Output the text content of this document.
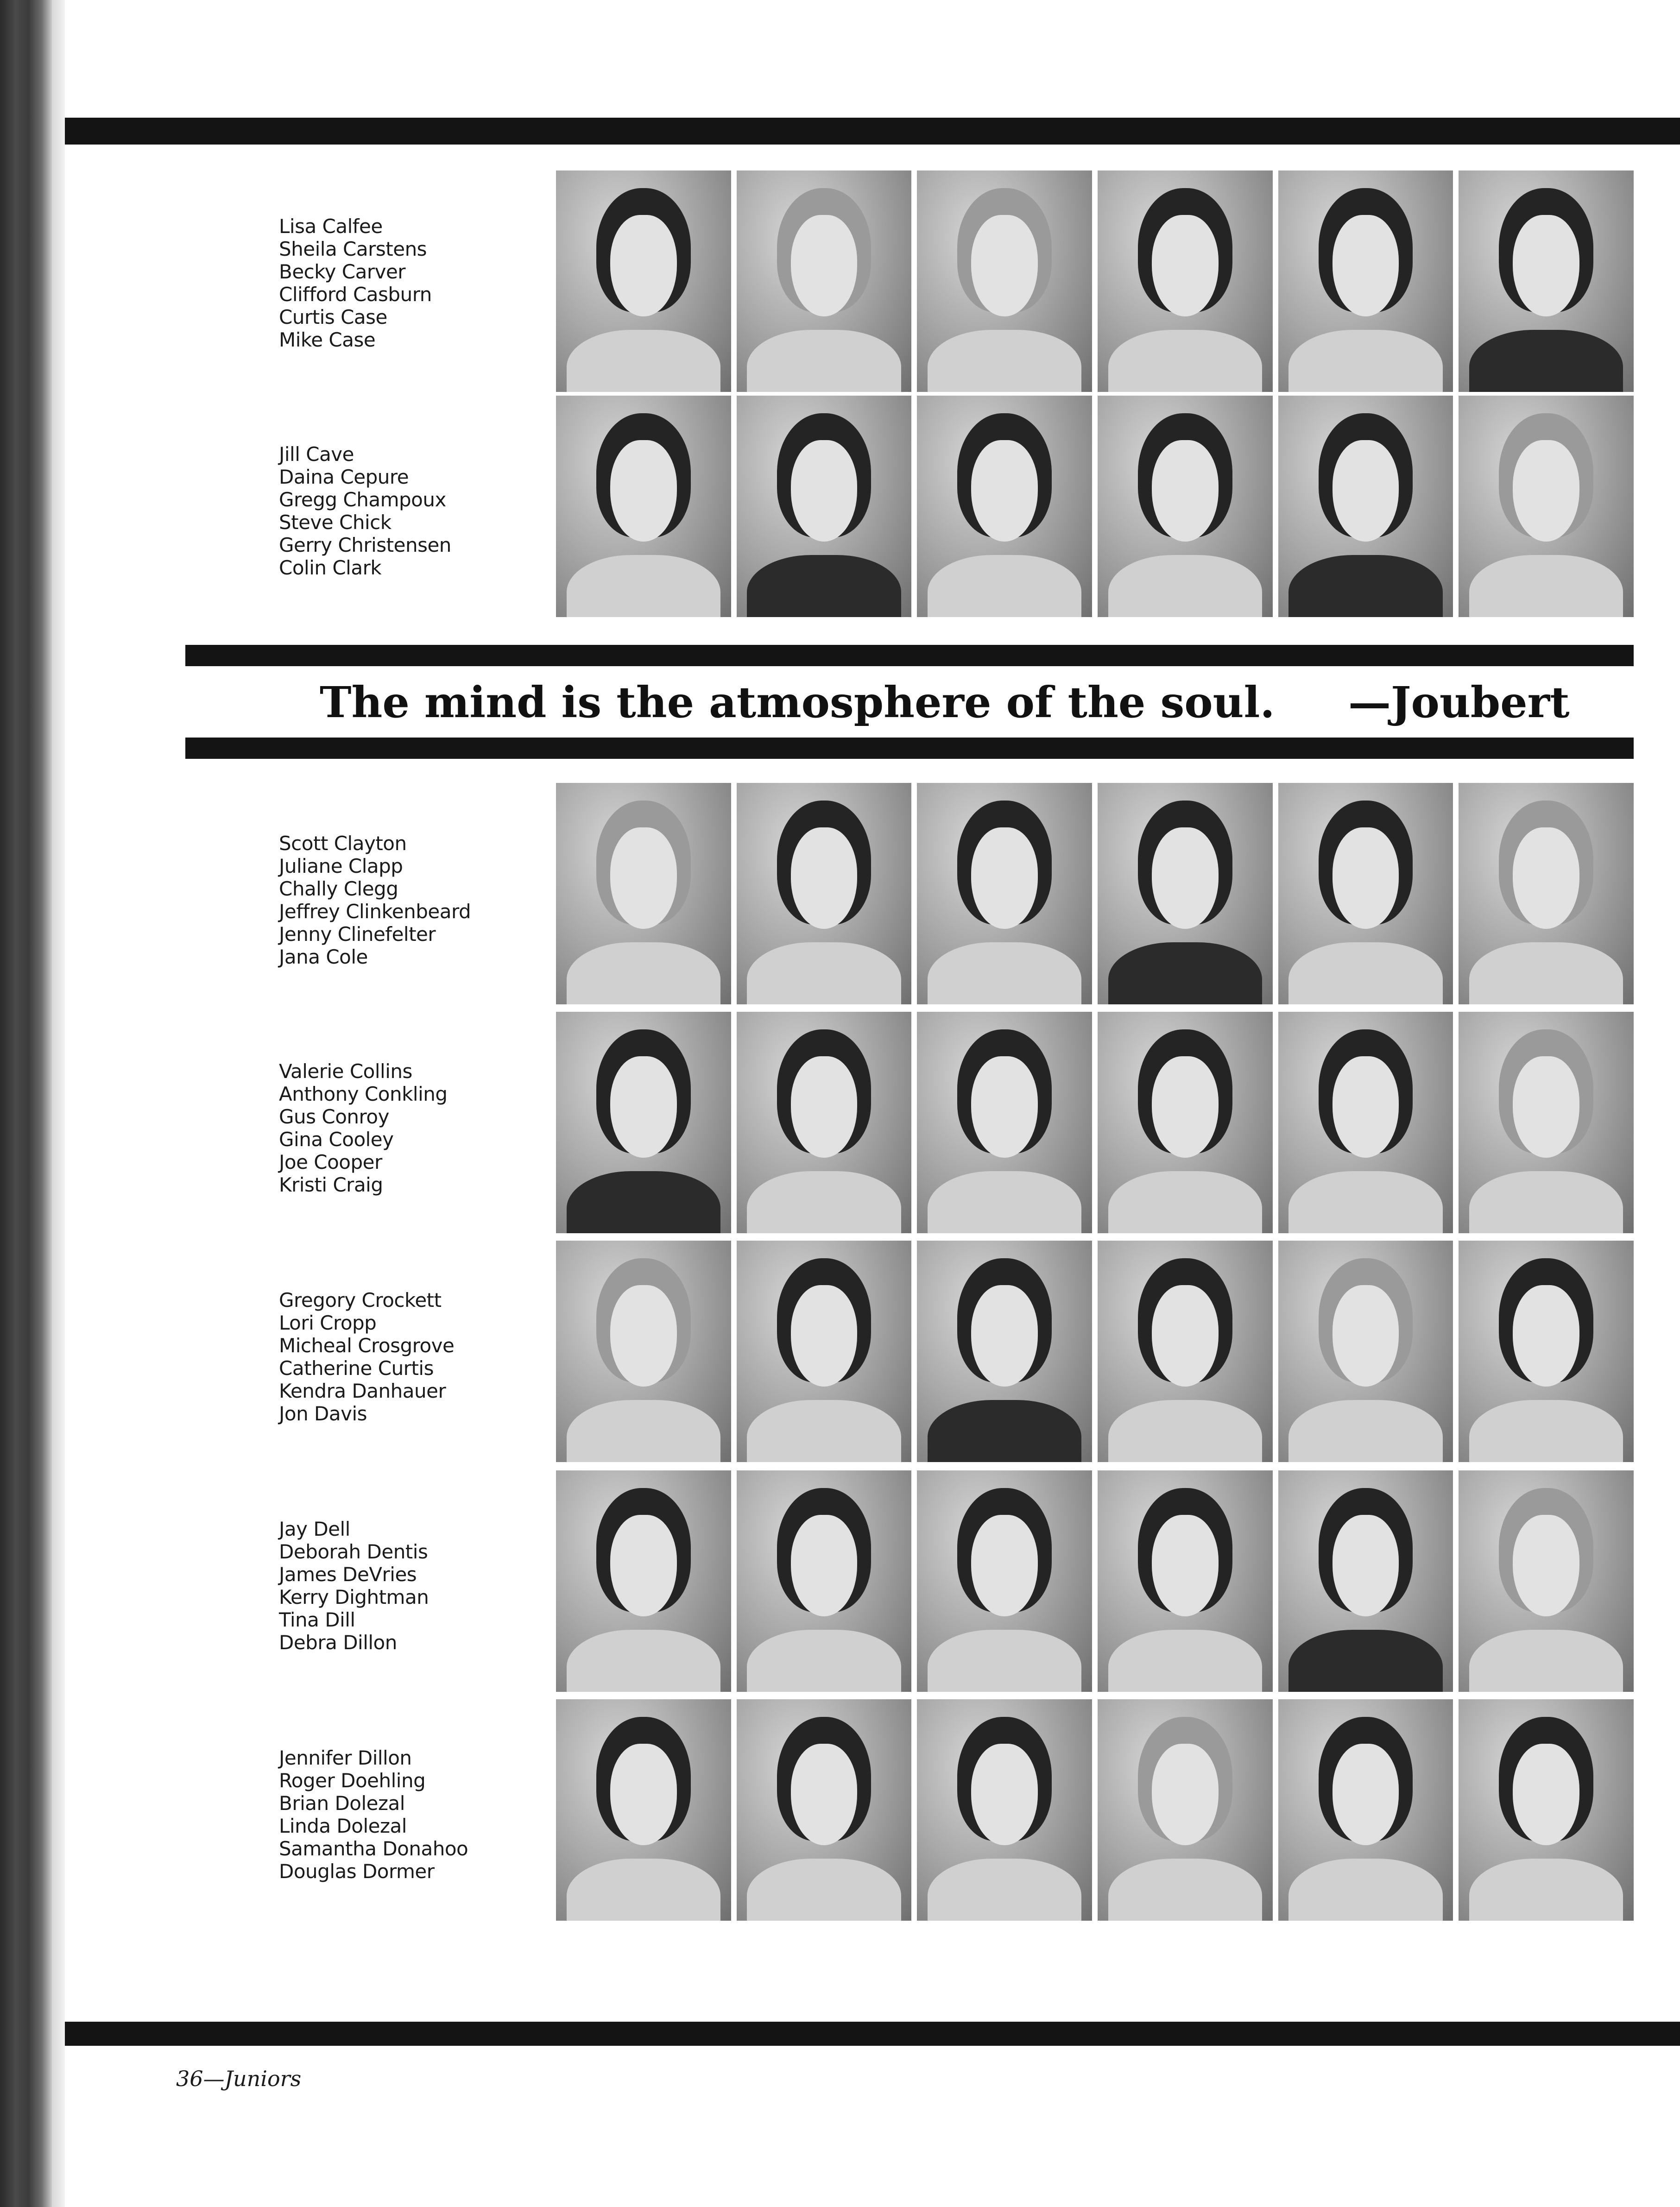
Lisa Calfee
Sheila Carstens
Becky Carver
Clifford Casburn
Curtis Case
Mike Case
Jill Cave
Daina Cepure
Gregg Champoux
Steve Chick
Gerry Christensen
Colin Clark
The mind is the atmosphere of the soul. —Joubert
Scott Clayton
Juliane Clapp
Chally Clegg
Jeffrey Clinkenbeard
Jenny Clinefelter
Jana Cole
Valerie Collins
Anthony Conkling
Gus Conroy
Gina Cooley
Joe Cooper
Kristi Craig
Gregory Crockett
Lori Cropp
Micheal Crosgrove
Catherine Curtis
Kendra Danhauer
Jon Davis
Jay Dell
Deborah Dentis
James DeVries
Kerry Dightman
Tina Dill
Debra Dillon
Jennifer Dillon
Roger Doehling
Brian Dolezal
Linda Dolezal
Samantha Donahoo
Douglas Dormer
36—Juniors
